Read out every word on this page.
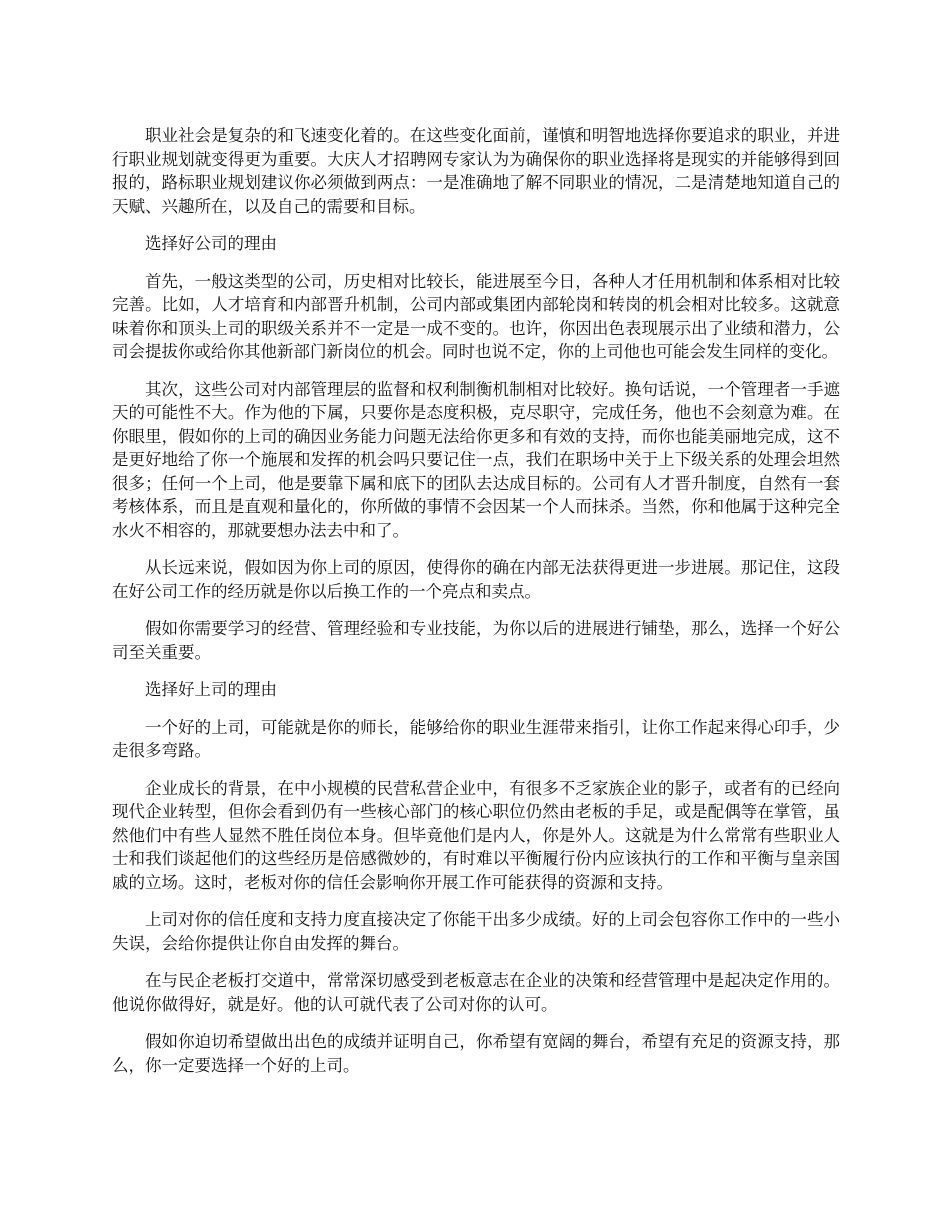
职业社会是复杂的和飞速变化着的。在这些变化面前，谨慎和明智地选择你要追求的职业，并进行职业规划就变得更为重要。大庆人才招聘网专家认为为确保你的职业选择将是现实的并能够得到回报的，路标职业规划建议你必须做到两点：一是准确地了解不同职业的情况，二是清楚地知道自己的天赋、兴趣所在，以及自己的需要和目标。

选择好公司的理由

首先，一般这类型的公司，历史相对比较长，能进展至今日，各种人才任用机制和体系相对比较完善。比如，人才培育和内部晋升机制，公司内部或集团内部轮岗和转岗的机会相对比较多。这就意味着你和顶头上司的职级关系并不一定是一成不变的。也许，你因出色表现展示出了业绩和潜力，公司会提拔你或给你其他新部门新岗位的机会。同时也说不定，你的上司他也可能会发生同样的变化。

其次，这些公司对内部管理层的监督和权利制衡机制相对比较好。换句话说，一个管理者一手遮天的可能性不大。作为他的下属，只要你是态度积极，克尽职守，完成任务，他也不会刻意为难。在你眼里，假如你的上司的确因业务能力问题无法给你更多和有效的支持，而你也能美丽地完成，这不是更好地给了你一个施展和发挥的机会吗只要记住一点，我们在职场中关于上下级关系的处理会坦然很多；任何一个上司，他是要靠下属和底下的团队去达成目标的。公司有人才晋升制度，自然有一套考核体系，而且是直观和量化的，你所做的事情不会因某一个人而抹杀。当然，你和他属于这种完全水火不相容的，那就要想办法去中和了。

从长远来说，假如因为你上司的原因，使得你的确在内部无法获得更进一步进展。那记住，这段在好公司工作的经历就是你以后换工作的一个亮点和卖点。

假如你需要学习的经营、管理经验和专业技能，为你以后的进展进行铺垫，那么，选择一个好公司至关重要。

选择好上司的理由

一个好的上司，可能就是你的师长，能够给你的职业生涯带来指引，让你工作起来得心印手，少走很多弯路。

企业成长的背景，在中小规模的民营私营企业中，有很多不乏家族企业的影子，或者有的已经向现代企业转型，但你会看到仍有一些核心部门的核心职位仍然由老板的手足，或是配偶等在掌管，虽然他们中有些人显然不胜任岗位本身。但毕竟他们是内人，你是外人。这就是为什么常常有些职业人士和我们谈起他们的这些经历是倍感微妙的，有时难以平衡履行份内应该执行的工作和平衡与皇亲国戚的立场。这时，老板对你的信任会影响你开展工作可能获得的资源和支持。

上司对你的信任度和支持力度直接决定了你能干出多少成绩。好的上司会包容你工作中的一些小失误，会给你提供让你自由发挥的舞台。

在与民企老板打交道中，常常深切感受到老板意志在企业的决策和经营管理中是起决定作用的。他说你做得好，就是好。他的认可就代表了公司对你的认可。

假如你迫切希望做出出色的成绩并证明自己，你希望有宽阔的舞台，希望有充足的资源支持，那么，你一定要选择一个好的上司。
